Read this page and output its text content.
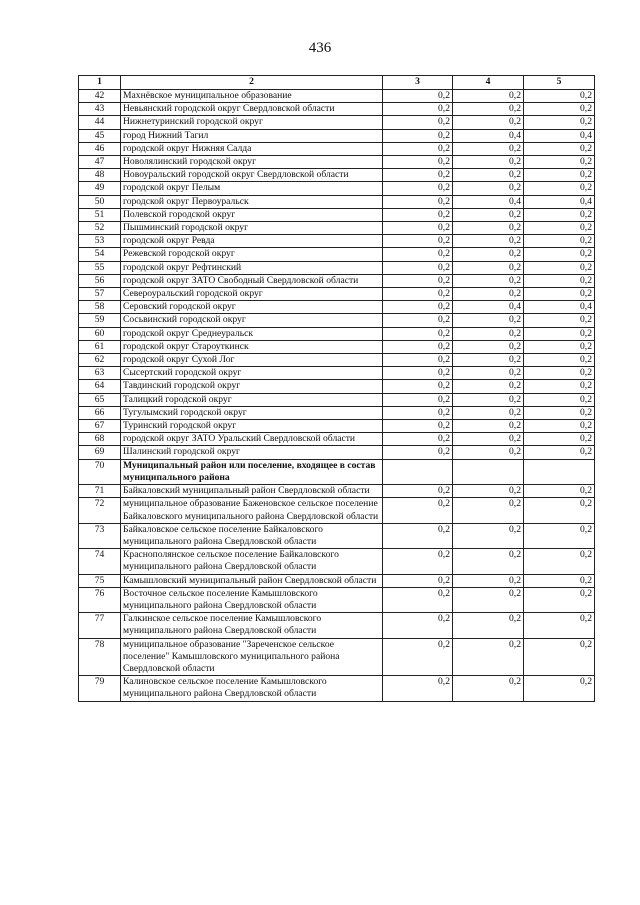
436
1	2	3	4	5
42	Махнёвское муниципальное образование	0,2	0,2	0,2
43	Невьянский городской округ Свердловской области	0,2	0,2	0,2
44	Нижнетуринский городской округ	0,2	0,2	0,2
45	город Нижний Тагил	0,2	0,4	0,4
46	городской округ Нижняя Салда	0,2	0,2	0,2
47	Новолялинский городской округ	0,2	0,2	0,2
48	Новоуральский городской округ Свердловской области	0,2	0,2	0,2
49	городской округ Пелым	0,2	0,2	0,2
50	городской округ Первоуральск	0,2	0,4	0,4
51	Полевской городской округ	0,2	0,2	0,2
52	Пышминский городской округ	0,2	0,2	0,2
53	городской округ Ревда	0,2	0,2	0,2
54	Режевской городской округ	0,2	0,2	0,2
55	городской округ Рефтинский	0,2	0,2	0,2
56	городской округ ЗАТО Свободный Свердловской области	0,2	0,2	0,2
57	Североуральский городской округ	0,2	0,2	0,2
58	Серовский городской округ	0,2	0,4	0,4
59	Сосьвинский городской округ	0,2	0,2	0,2
60	городской округ Среднеуральск	0,2	0,2	0,2
61	городской округ Староуткинск	0,2	0,2	0,2
62	городской округ Сухой Лог	0,2	0,2	0,2
63	Сысертский городской округ	0,2	0,2	0,2
64	Тавдинский городской округ	0,2	0,2	0,2
65	Талицкий городской округ	0,2	0,2	0,2
66	Тугулымский городской округ	0,2	0,2	0,2
67	Туринский городской округ	0,2	0,2	0,2
68	городской округ ЗАТО Уральский Свердловской области	0,2	0,2	0,2
69	Шалинский городской округ	0,2	0,2	0,2
70	Муниципальный район или поселение, входящее в состав муниципального района			
71	Байкаловский муниципальный район Свердловской области	0,2	0,2	0,2
72	муниципальное образование Баженовское сельское поселение Байкаловского муниципального района Свердловской области	0,2	0,2	0,2
73	Байкаловское сельское поселение Байкаловского муниципального района Свердловской области	0,2	0,2	0,2
74	Краснополянское сельское поселение Байкаловского муниципального района Свердловской области	0,2	0,2	0,2
75	Камышловский муниципальный район Свердловской области	0,2	0,2	0,2
76	Восточное сельское поселение Камышловского муниципального района Свердловской области	0,2	0,2	0,2
77	Галкинское сельское поселение Камышловского муниципального района Свердловской области	0,2	0,2	0,2
78	муниципальное образование "Зареченское сельское поселение" Камышловского муниципального района Свердловской области	0,2	0,2	0,2
79	Калиновское сельское поселение Камышловского муниципального района Свердловской области	0,2	0,2	0,2
